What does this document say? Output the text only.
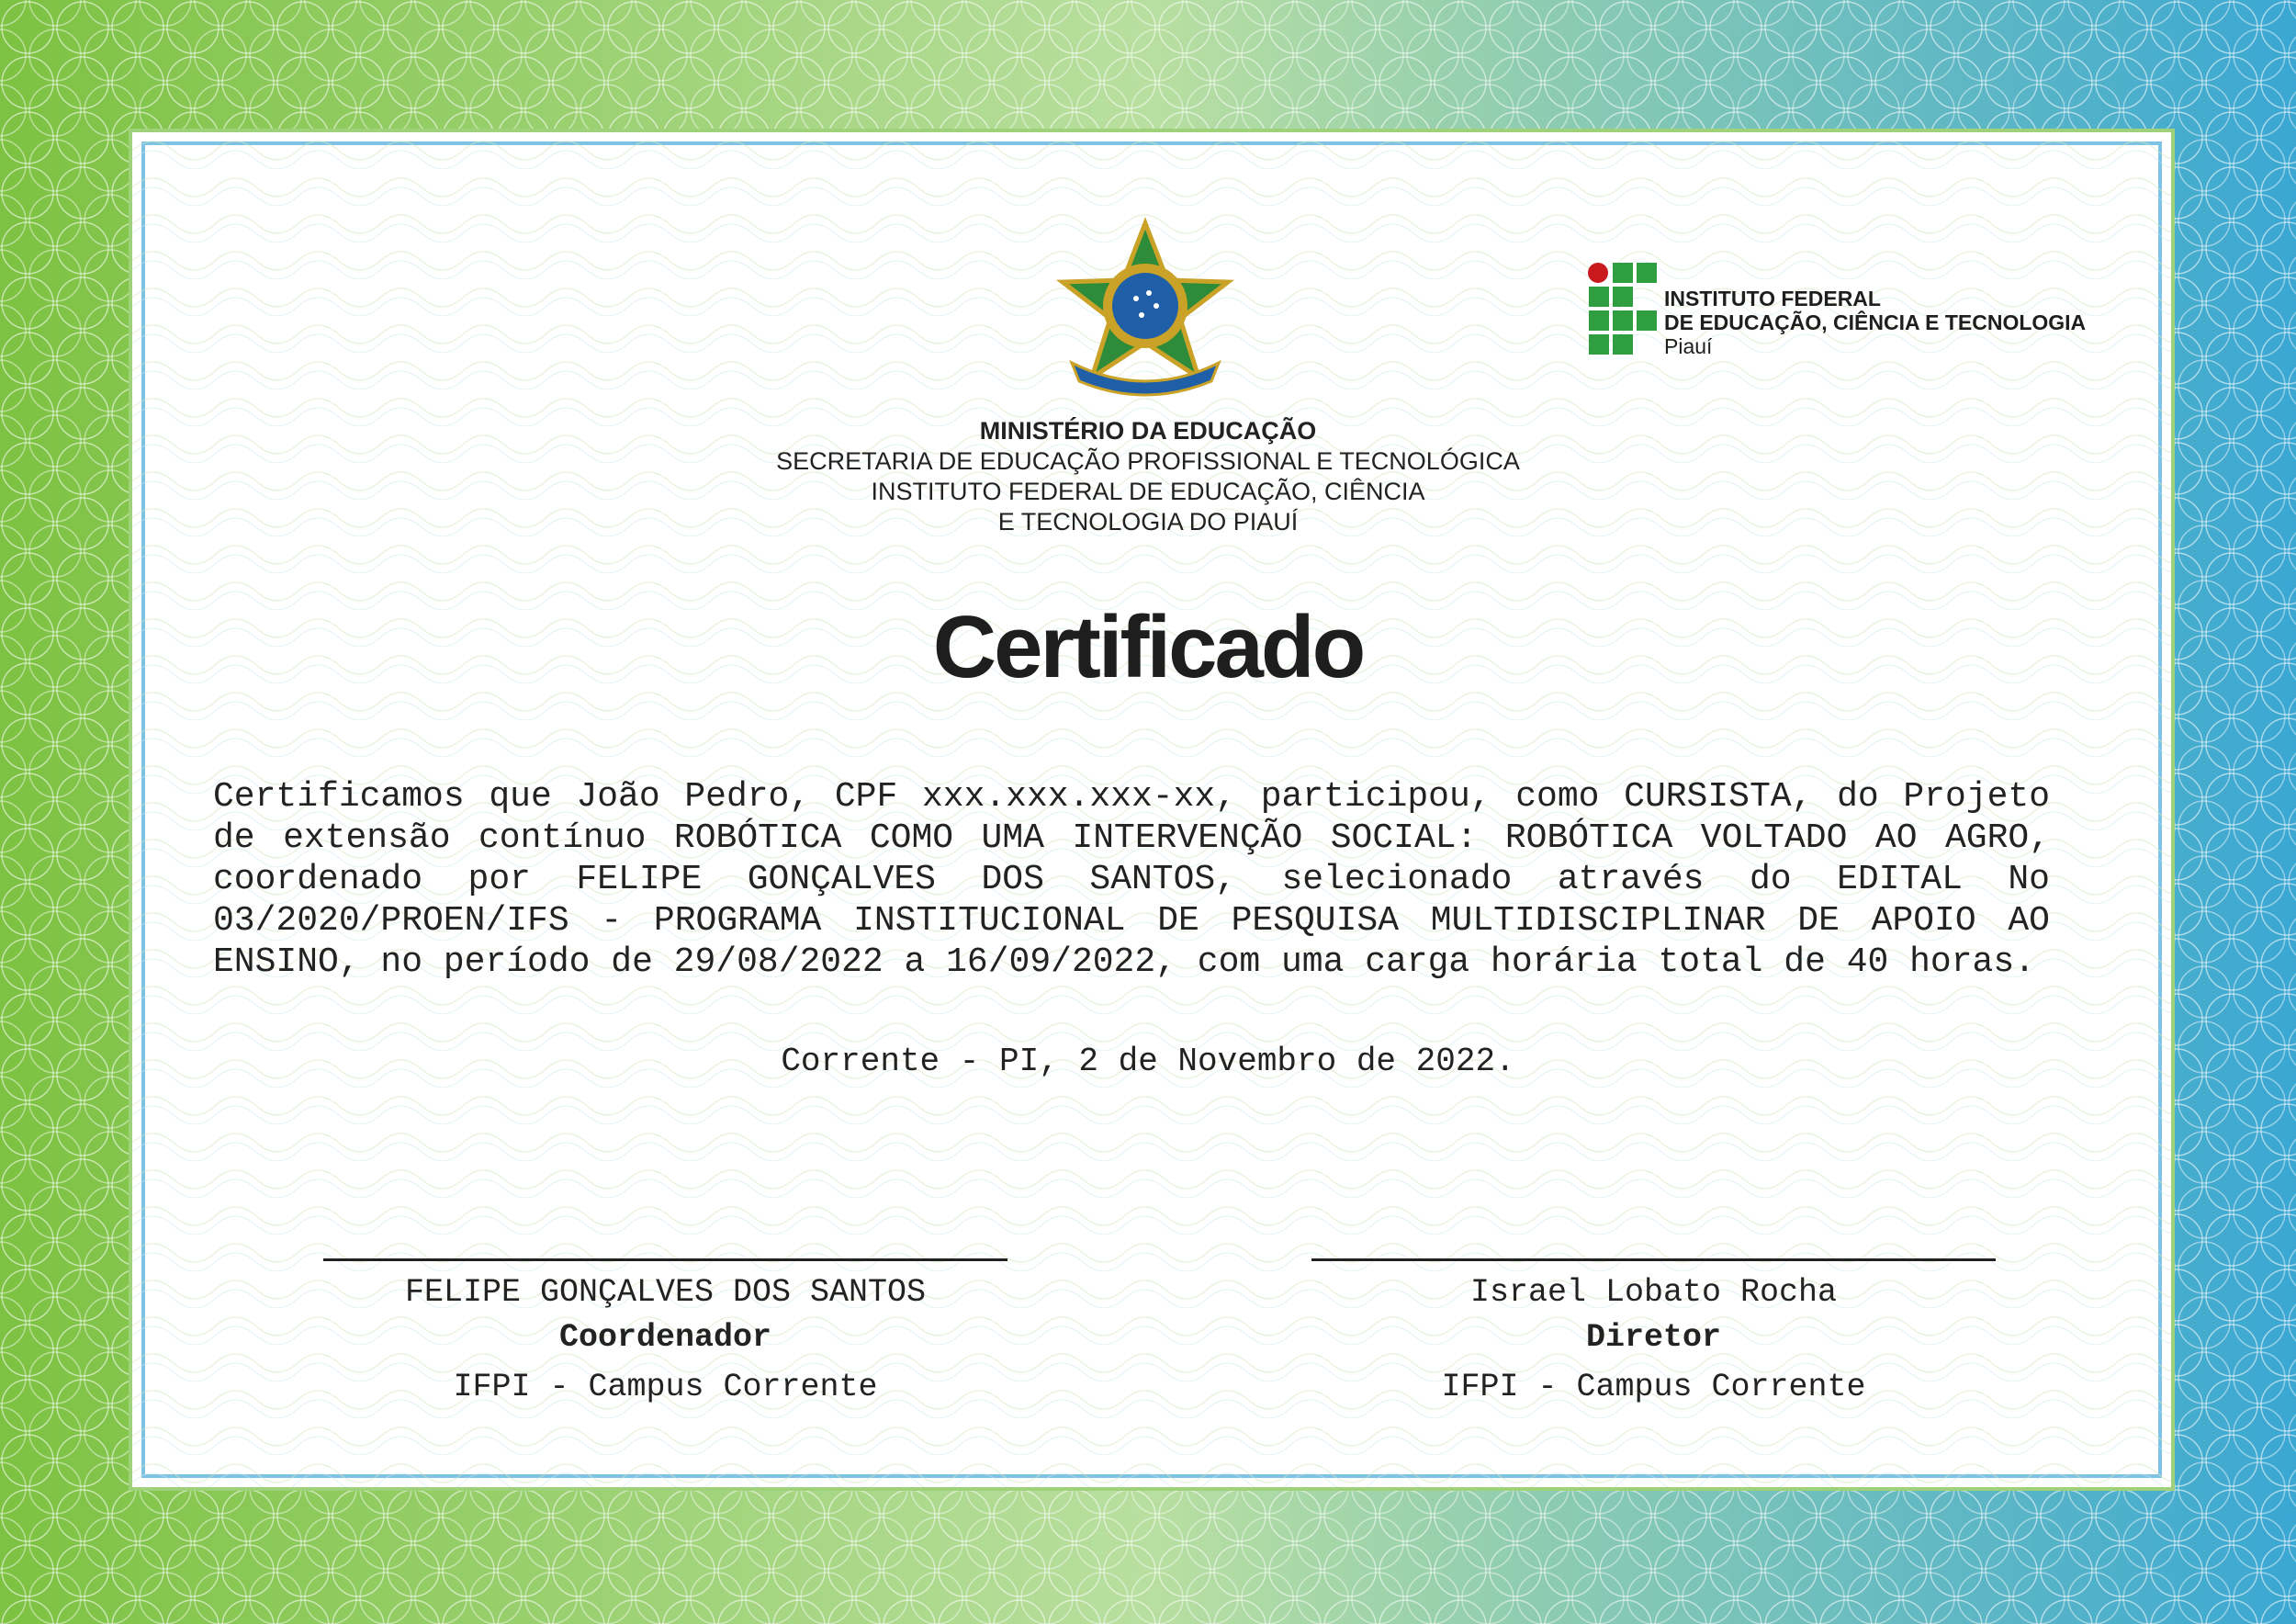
INSTITUTO FEDERAL
DE EDUCAÇÃO, CIÊNCIA E TECNOLOGIA
Piauí
MINISTÉRIO DA EDUCAÇÃO
SECRETARIA DE EDUCAÇÃO PROFISSIONAL E TECNOLÓGICA
INSTITUTO FEDERAL DE EDUCAÇÃO, CIÊNCIA
E TECNOLOGIA DO PIAUÍ
Certificado
Certificamos que João Pedro, CPF xxx.xxx.xxx-xx, participou, como CURSISTA, do Projeto de extensão contínuo ROBÓTICA COMO UMA INTERVENÇÃO SOCIAL: ROBÓTICA VOLTADO AO AGRO, coordenado por FELIPE GONÇALVES DOS SANTOS, selecionado através do EDITAL No 03/2020/PROEN/IFS - PROGRAMA INSTITUCIONAL DE PESQUISA MULTIDISCIPLINAR DE APOIO AO ENSINO, no período de 29/08/2022 a 16/09/2022, com uma carga horária total de 40 horas.
Corrente - PI, 2 de Novembro de 2022.
FELIPE GONÇALVES DOS SANTOS
Coordenador
IFPI - Campus Corrente
Israel Lobato Rocha
Diretor
IFPI - Campus Corrente
